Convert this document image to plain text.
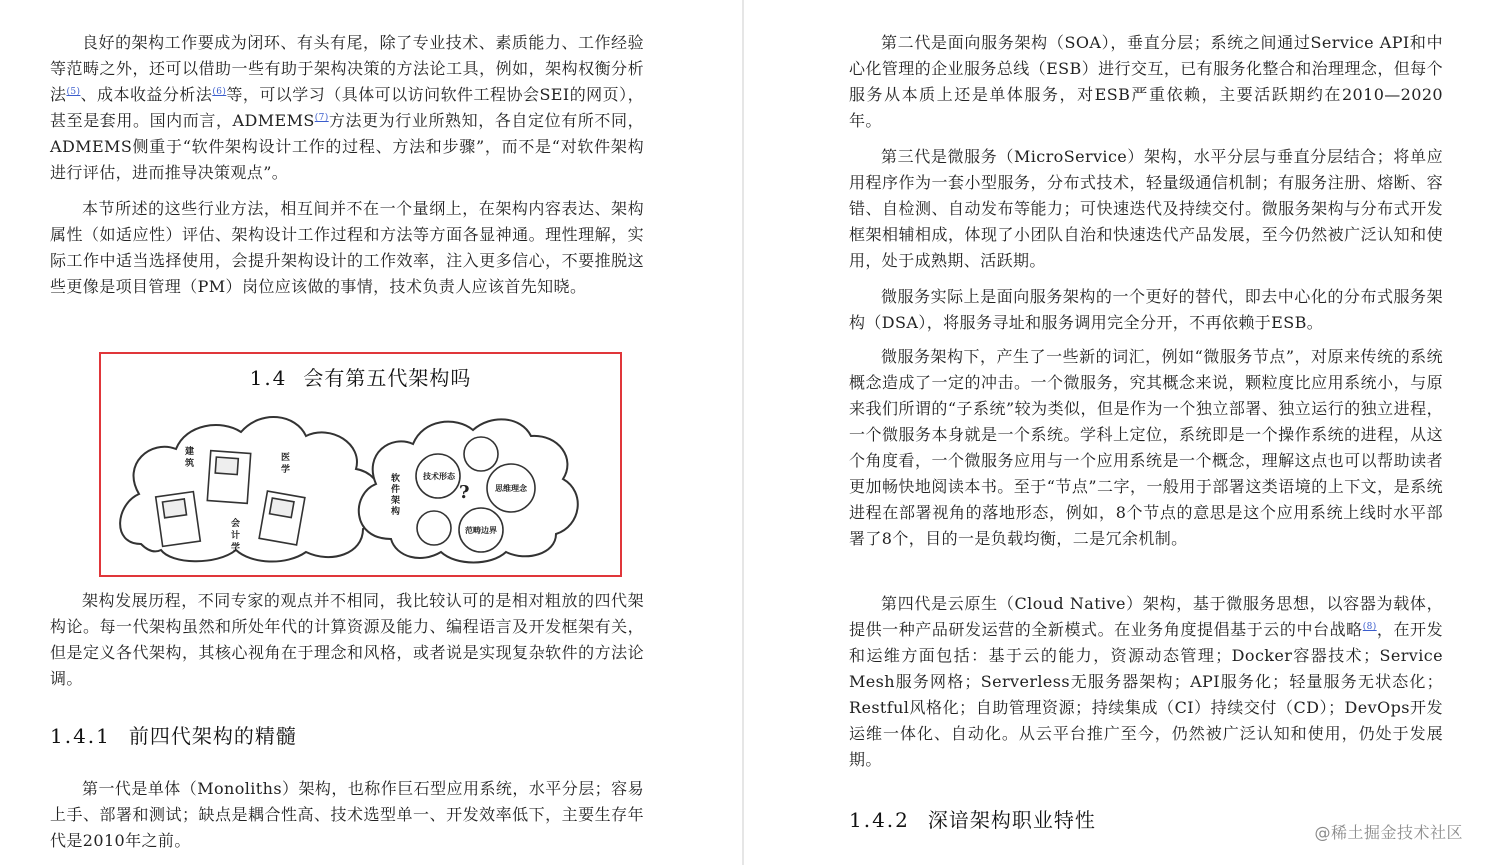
良好的架构工作要成为闭环、有头有尾，除了专业技术、素质能力、工作经验等范畴之外，还可以借助一些有助于架构决策的方法论工具，例如，架构权衡分析法$^{(5)}$、成本收益分析法$^{(6)}$等，可以学习（具体可以访问软件工程协会SEI的网页），甚至是套用。国内而言，ADMEMS$^{(7)}$方法更为行业所熟知，各自定位有所不同，ADMEMS侧重于“软件架构设计工作的过程、方法和步骤”，而不是“对软件架构进行评估，进而推导决策观点”。

本节所述的这些行业方法，相互间并不在一个量纲上，在架构内容表达、架构属性（如适应性）评估、架构设计工作过程和方法等方面各显神通。理性理解，实际工作中适当选择使用，会提升架构设计的工作效率，注入更多信心，不要推脱这些更像是项目管理（PM）岗位应该做的事情，技术负责人应该首先知晓。

1.4 会有第五代架构吗
建筑
医学
会计学
软件架构
技术形态
思维理念
范畴边界
?

架构发展历程，不同专家的观点并不相同，我比较认可的是相对粗放的四代架构论。每一代架构虽然和所处年代的计算资源及能力、编程语言及开发框架有关，但是定义各代架构，其核心视角在于理念和风格，或者说是实现复杂软件的方法论调。

1.4.1 前四代架构的精髓

第一代是单体（Monoliths）架构，也称作巨石型应用系统，水平分层；容易上手、部署和测试；缺点是耦合性高、技术选型单一、开发效率低下，主要生存年代是2010年之前。

第二代是面向服务架构（SOA），垂直分层；系统之间通过Service API和中心化管理的企业服务总线（ESB）进行交互，已有服务化整合和治理理念，但每个服务从本质上还是单体服务，对ESB严重依赖，主要活跃期约在2010—2020年。

第三代是微服务（MicroService）架构，水平分层与垂直分层结合；将单应用程序作为一套小型服务，分布式技术，轻量级通信机制；有服务注册、熔断、容错、自检测、自动发布等能力；可快速迭代及持续交付。微服务架构与分布式开发框架相辅相成，体现了小团队自治和快速迭代产品发展，至今仍然被广泛认知和使用，处于成熟期、活跃期。

微服务实际上是面向服务架构的一个更好的替代，即去中心化的分布式服务架构（DSA），将服务寻址和服务调用完全分开，不再依赖于ESB。

微服务架构下，产生了一些新的词汇，例如“微服务节点”，对原来传统的系统概念造成了一定的冲击。一个微服务，究其概念来说，颗粒度比应用系统小，与原来我们所谓的“子系统”较为类似，但是作为一个独立部署、独立运行的独立进程，一个微服务本身就是一个系统。学科上定位，系统即是一个操作系统的进程，从这个角度看，一个微服务应用与一个应用系统是一个概念，理解这点也可以帮助读者更加畅快地阅读本书。至于“节点”二字，一般用于部署这类语境的上下文，是系统进程在部署视角的落地形态，例如，8个节点的意思是这个应用系统上线时水平部署了8个，目的一是负载均衡，二是冗余机制。

第四代是云原生（Cloud Native）架构，基于微服务思想，以容器为载体，提供一种产品研发运营的全新模式。在业务角度提倡基于云的中台战略$^{(8)}$，在开发和运维方面包括：基于云的能力，资源动态管理；Docker容器技术；Service Mesh服务网格；Serverless无服务器架构；API服务化；轻量服务无状态化；Restful风格化；自助管理资源；持续集成（CI）持续交付（CD）；DevOps开发运维一体化、自动化。从云平台推广至今，仍然被广泛认知和使用，仍处于发展期。

1.4.2 深谙架构职业特性
@稀土掘金技术社区
